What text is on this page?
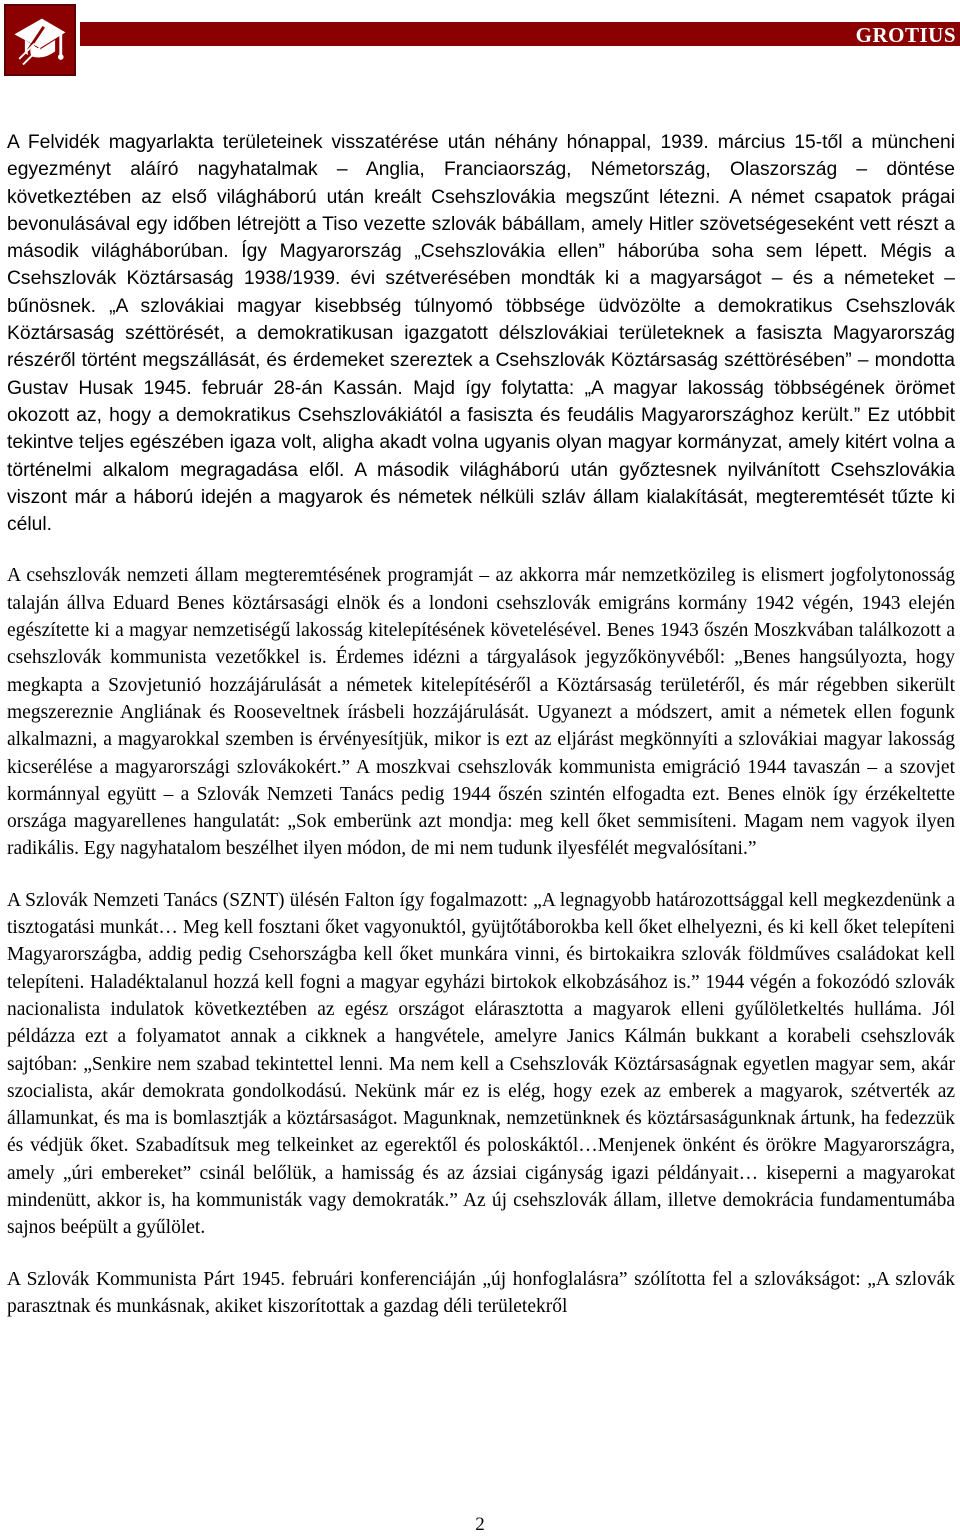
GROTIUS

A Felvidék magyarlakta területeinek visszatérése után néhány hónappal, 1939. március 15-től a müncheni egyezményt aláíró nagyhatalmak – Anglia, Franciaország, Németország, Olaszország – döntése következtében az első világháború után kreált Csehszlovákia megszűnt létezni. A német csapatok prágai bevonulásával egy időben létrejött a Tiso vezette szlovák bábállam, amely Hitler szövetségeseként vett részt a második világháborúban. Így Magyarország „Csehszlovákia ellen” háborúba soha sem lépett. Mégis a Csehszlovák Köztársaság 1938/1939. évi szétverésében mondták ki a magyarságot – és a németeket – bűnösnek. „A szlovákiai magyar kisebbség túlnyomó többsége üdvözölte a demokratikus Csehszlovák Köztársaság széttörését, a demokratikusan igazgatott délszlovákiai területeknek a fasiszta Magyarország részéről történt megszállását, és érdemeket szereztek a Csehszlovák Köztársaság széttörésében” – mondotta Gustav Husak 1945. február 28-án Kassán. Majd így folytatta: „A magyar lakosság többségének örömet okozott az, hogy a demokratikus Csehszlovákiától a fasiszta és feudális Magyarországhoz került.” Ez utóbbit tekintve teljes egészében igaza volt, aligha akadt volna ugyanis olyan magyar kormányzat, amely kitért volna a történelmi alkalom megragadása elől. A második világháború után győztesnek nyilvánított Csehszlovákia viszont már a háború idején a magyarok és németek nélküli szláv állam kialakítását, megteremtését tűzte ki célul.

A csehszlovák nemzeti állam megteremtésének programját – az akkorra már nemzetközileg is elismert jogfolytonosság talaján állva Eduard Benes köztársasági elnök és a londoni csehszlovák emigráns kormány 1942 végén, 1943 elején egészítette ki a magyar nemzetiségű lakosság kitelepítésének követelésével. Benes 1943 őszén Moszkvában találkozott a csehszlovák kommunista vezetőkkel is. Érdemes idézni a tárgyalások jegyzőkönyvéből: „Benes hangsúlyozta, hogy megkapta a Szovjetunió hozzájárulását a németek kitelepítéséről a Köztársaság területéről, és már régebben sikerült megszereznie Angliának és Rooseveltnek írásbeli hozzájárulását. Ugyanezt a módszert, amit a németek ellen fogunk alkalmazni, a magyarokkal szemben is érvényesítjük, mikor is ezt az eljárást megkönnyíti a szlovákiai magyar lakosság kicserélése a magyarországi szlovákokért.” A moszkvai csehszlovák kommunista emigráció 1944 tavaszán – a szovjet kormánnyal együtt – a Szlovák Nemzeti Tanács pedig 1944 őszén szintén elfogadta ezt. Benes elnök így érzékeltette országa magyarellenes hangulatát: „Sok emberünk azt mondja: meg kell őket semmisíteni. Magam nem vagyok ilyen radikális. Egy nagyhatalom beszélhet ilyen módon, de mi nem tudunk ilyesfélét megvalósítani.”

A Szlovák Nemzeti Tanács (SZNT) ülésén Falton így fogalmazott: „A legnagyobb határozottsággal kell megkezdenünk a tisztogatási munkát… Meg kell fosztani őket vagyonuktól, gyüjtőtáborokba kell őket elhelyezni, és ki kell őket telepíteni Magyarországba, addig pedig Csehországba kell őket munkára vinni, és birtokaikra szlovák földműves családokat kell telepíteni. Haladéktalanul hozzá kell fogni a magyar egyházi birtokok elkobzásához is.” 1944 végén a fokozódó szlovák nacionalista indulatok következtében az egész országot elárasztotta a magyarok elleni gyűlöletkeltés hulláma. Jól példázza ezt a folyamatot annak a cikknek a hangvétele, amelyre Janics Kálmán bukkant a korabeli csehszlovák sajtóban: „Senkire nem szabad tekintettel lenni. Ma nem kell a Csehszlovák Köztársaságnak egyetlen magyar sem, akár szocialista, akár demokrata gondolkodású. Nekünk már ez is elég, hogy ezek az emberek a magyarok, szétverték az államunkat, és ma is bomlasztják a köztársaságot. Magunknak, nemzetünknek és köztársaságunknak ártunk, ha fedezzük és védjük őket. Szabadítsuk meg telkeinket az egerektől és poloskáktól…Menjenek önként és örökre Magyarországra, amely „úri embereket” csinál belőlük, a hamisság és az ázsiai cigányság igazi példányait… kiseperni a magyarokat mindenütt, akkor is, ha kommunisták vagy demokraták.” Az új csehszlovák állam, illetve demokrácia fundamentumába sajnos beépült a gyűlölet.

A Szlovák Kommunista Párt 1945. februári konferenciáján „új honfoglalásra” szólította fel a szlovákságot: „A szlovák parasztnak és munkásnak, akiket kiszorítottak a gazdag déli területekről

2
